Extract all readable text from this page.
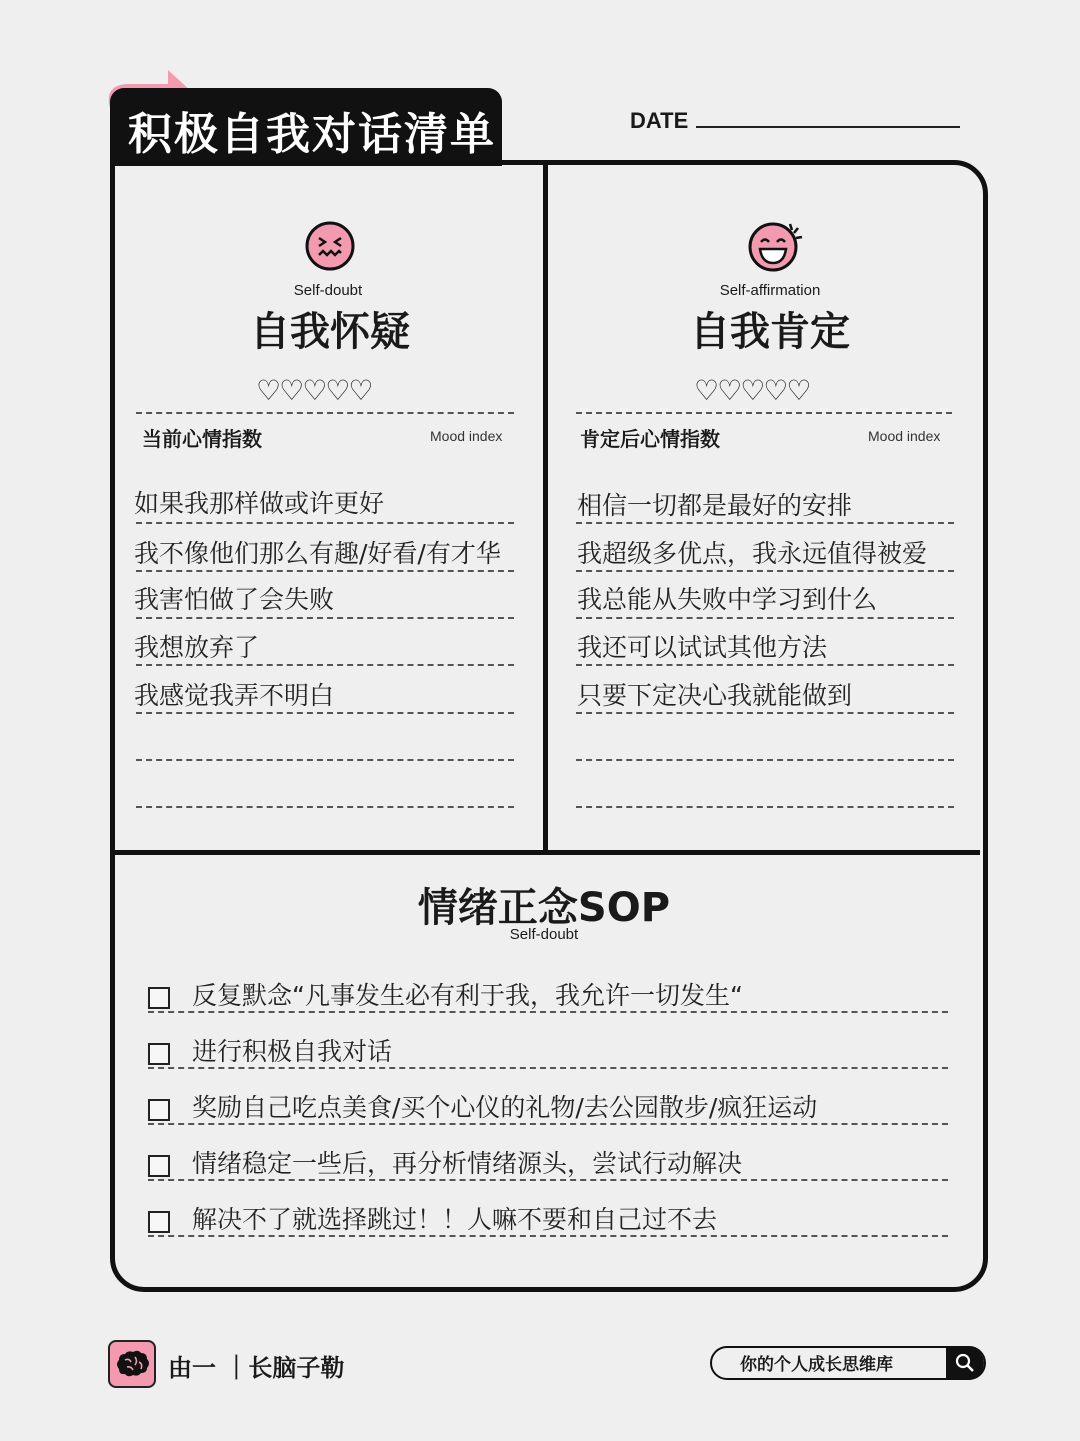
积极自我对话清单	DATE
Self-doubt
自我怀疑
♡♡♡♡♡
当前心情指数	Mood index
如果我那样做或许更好
我不像他们那么有趣/好看/有才华
我害怕做了会失败
我想放弃了
我感觉我弄不明白
Self-affirmation
自我肯定
♡♡♡♡♡
肯定后心情指数	Mood index
相信一切都是最好的安排
我超级多优点，我永远值得被爱
我总能从失败中学习到什么
我还可以试试其他方法
只要下定决心我就能做到
情绪正念SOP
Self-doubt
反复默念“凡事发生必有利于我，我允许一切发生“
进行积极自我对话
奖励自己吃点美食/买个心仪的礼物/去公园散步/疯狂运动
情绪稳定一些后，再分析情绪源头，尝试行动解决
解决不了就选择跳过！！人嘛不要和自己过不去
由一 ｜长脑子勒	你的个人成长思维库
